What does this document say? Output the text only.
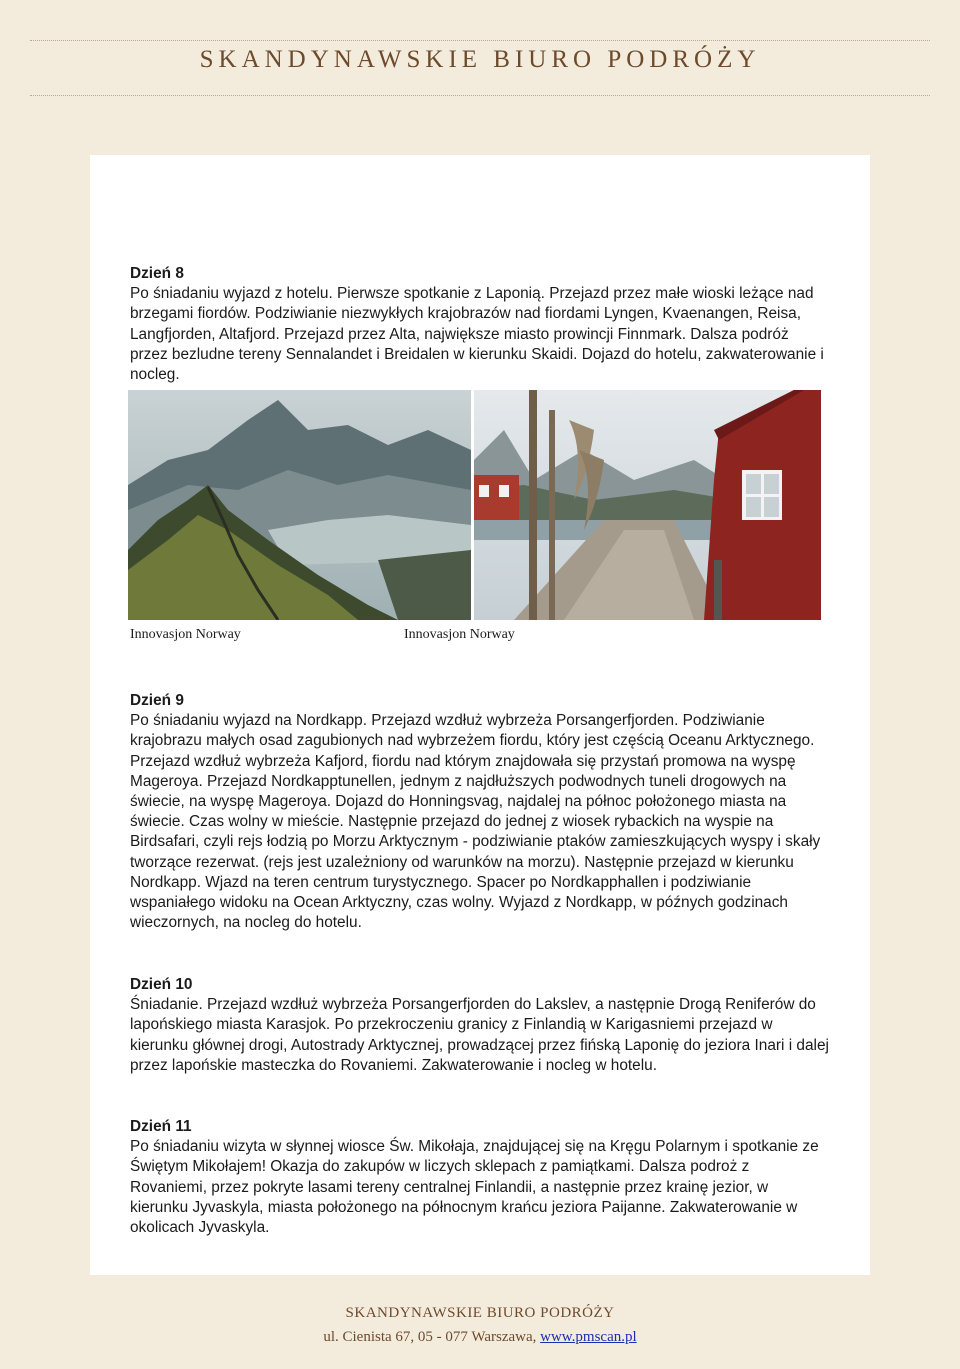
SKANDYNAWSKIE BIURO PODRÓŻY

Dzień 8

Po śniadaniu wyjazd z hotelu. Pierwsze spotkanie z Laponią. Przejazd przez małe wioski leżące nad brzegami fiordów. Podziwianie niezwykłych krajobrazów nad fiordami Lyngen, Kvaenangen, Reisa, Langfjorden, Altafjord. Przejazd przez Alta, największe miasto prowincji Finnmark. Dalsza podróż przez bezludne tereny Sennalandet i Breidalen w kierunku Skaidi. Dojazd do hotelu, zakwaterowanie i nocleg.

Innovasjon Norway	Innovasjon Norway

Dzień 9

Po śniadaniu wyjazd na Nordkapp. Przejazd wzdłuż wybrzeża Porsangerfjorden. Podziwianie krajobrazu małych osad zagubionych nad wybrzeżem fiordu, który jest częścią Oceanu Arktycznego. Przejazd wzdłuż wybrzeża Kafjord, fiordu nad którym znajdowała się przystań promowa na wyspę Mageroya. Przejazd Nordkapptunellen, jednym z najdłuższych podwodnych tuneli drogowych na świecie, na wyspę Mageroya. Dojazd do Honningsvag, najdalej na północ położonego miasta na świecie. Czas wolny w mieście. Następnie przejazd do jednej z wiosek rybackich na wyspie na Birdsafari, czyli rejs łodzią po Morzu Arktycznym - podziwianie ptaków zamieszkujących wyspy i skały tworzące rezerwat. (rejs jest uzależniony od warunków na morzu). Następnie przejazd w kierunku Nordkapp. Wjazd na teren centrum turystycznego. Spacer po Nordkapphallen i podziwianie wspaniałego widoku na Ocean Arktyczny, czas wolny. Wyjazd z Nordkapp, w późnych godzinach wieczornych, na nocleg do hotelu.

Dzień 10

Śniadanie. Przejazd wzdłuż wybrzeża Porsangerfjorden do Lakslev, a następnie Drogą Reniferów do lapońskiego miasta Karasjok. Po przekroczeniu granicy z Finlandią w Karigasniemi przejazd w kierunku głównej drogi, Autostrady Arktycznej, prowadzącej przez fińską Laponię do jeziora Inari i dalej przez lapońskie masteczka do Rovaniemi. Zakwaterowanie i nocleg w hotelu.

Dzień 11

Po śniadaniu wizyta w słynnej wiosce Św. Mikołaja, znajdującej się na Kręgu Polarnym i spotkanie ze Świętym Mikołajem! Okazja do zakupów w liczych sklepach z pamiątkami. Dalsza podroż z Rovaniemi, przez pokryte lasami tereny centralnej Finlandii, a następnie przez krainę jezior, w kierunku Jyvaskyla, miasta położonego na północnym krańcu jeziora Paijanne. Zakwaterowanie w okolicach Jyvaskyla.

SKANDYNAWSKIE BIURO PODRÓŻY
ul. Cienista 67, 05 - 077 Warszawa, www.pmscan.pl
